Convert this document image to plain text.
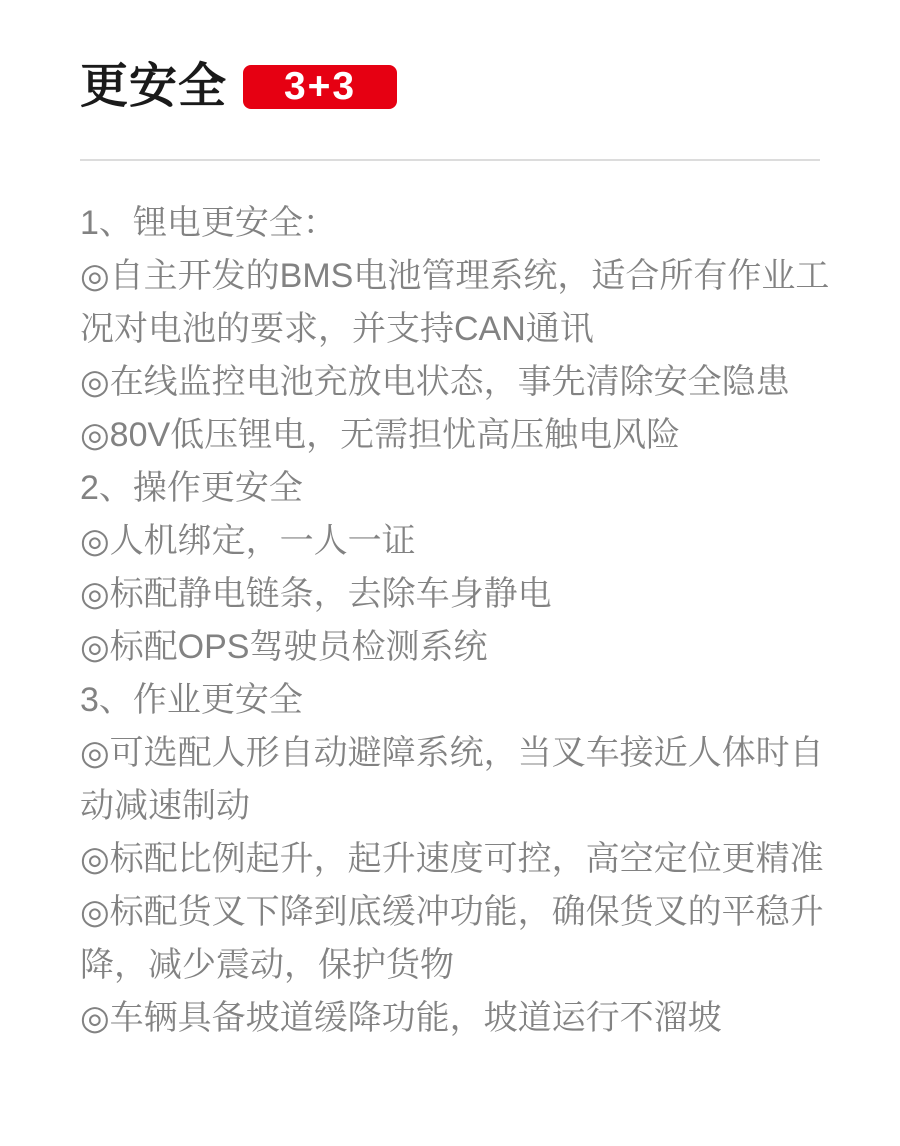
更安全	3+3
1、锂电更安全：
◎自主开发的BMS电池管理系统，适合所有作业工
况对电池的要求，并支持CAN通讯
◎在线监控电池充放电状态，事先清除安全隐患
◎80V低压锂电，无需担忧高压触电风险
2、操作更安全
◎人机绑定，一人一证
◎标配静电链条，去除车身静电
◎标配OPS驾驶员检测系统
3、作业更安全
◎可选配人形自动避障系统，当叉车接近人体时自
动减速制动
◎标配比例起升，起升速度可控，高空定位更精准
◎标配货叉下降到底缓冲功能，确保货叉的平稳升
降，减少震动，保护货物
◎车辆具备坡道缓降功能，坡道运行不溜坡
